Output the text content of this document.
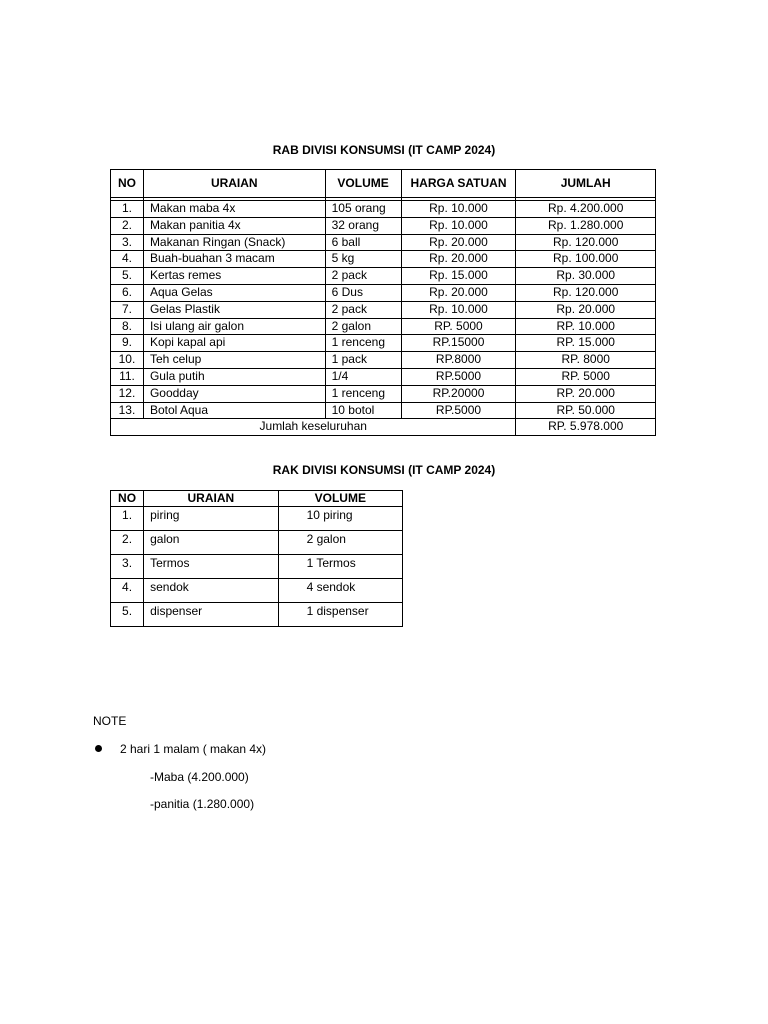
RAB DIVISI KONSUMSI (IT CAMP 2024)
NO	URAIAN	VOLUME	HARGA SATUAN	JUMLAH

1.	Makan maba 4x	105 orang	Rp. 10.000	Rp. 4.200.000
2.	Makan panitia 4x	32 orang	Rp. 10.000	Rp. 1.280.000
3.	Makanan Ringan (Snack)	6 ball	Rp. 20.000	Rp. 120.000
4.	Buah-buahan 3 macam	5 kg	Rp. 20.000	Rp. 100.000
5.	Kertas remes	2 pack	Rp. 15.000	Rp. 30.000
6.	Aqua Gelas	6 Dus	Rp. 20.000	Rp. 120.000
7.	Gelas Plastik	2 pack	Rp. 10.000	Rp. 20.000
8.	Isi ulang air galon	2 galon	RP. 5000	RP. 10.000
9.	Kopi kapal api	1 renceng	RP.15000	RP. 15.000
10.	Teh celup	1 pack	RP.8000	RP. 8000
11.	Gula putih	1/4	RP.5000	RP. 5000
12.	Goodday	1 renceng	RP.20000	RP. 20.000
13.	Botol Aqua	10 botol	RP.5000	RP. 50.000
Jumlah keseluruhan				RP. 5.978.000
RAK DIVISI KONSUMSI (IT CAMP 2024)
NO	URAIAN	VOLUME
1.	piring	10 piring
2.	galon	2 galon
3.	Termos	1 Termos
4.	sendok	4 sendok
5.	dispenser	1 dispenser
NOTE
2 hari 1 malam ( makan 4x)
-Maba (4.200.000)
-panitia (1.280.000)
